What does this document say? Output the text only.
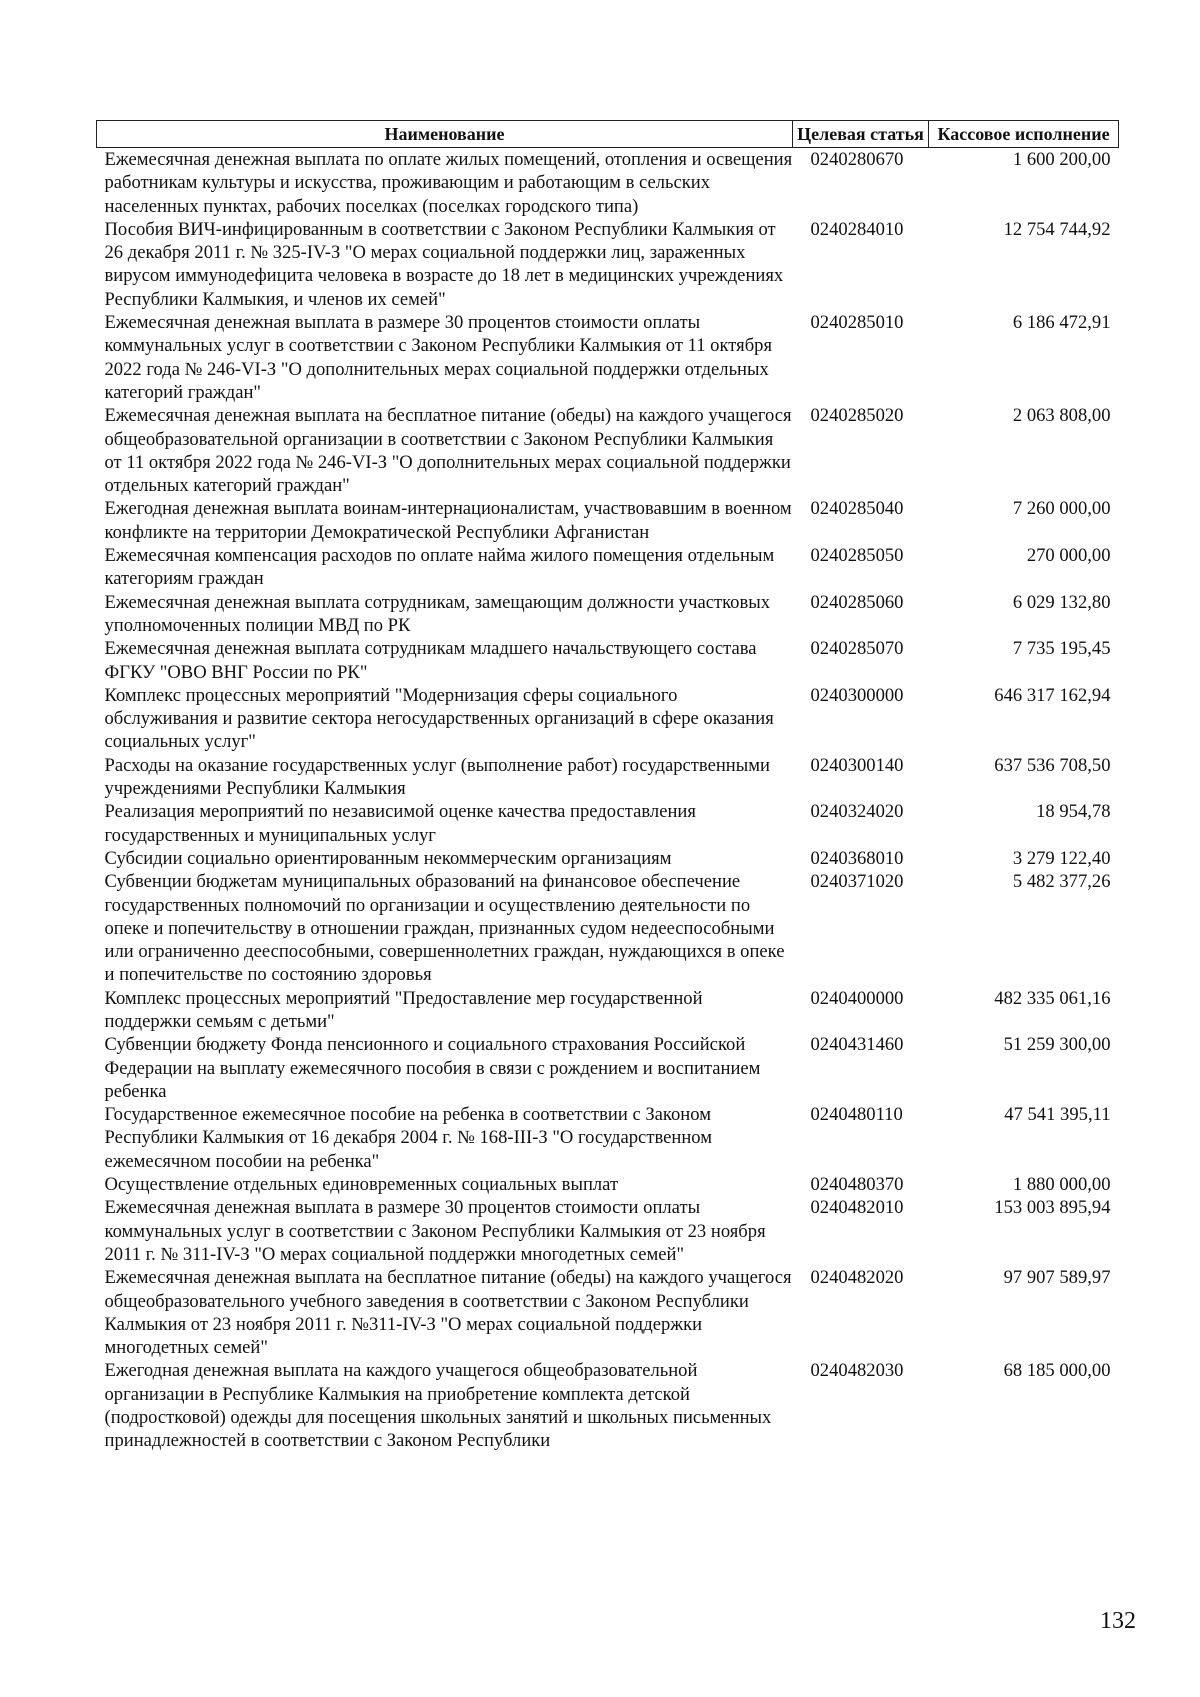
Наименование	Целевая статья	Кассовое исполнение
Ежемесячная денежная выплата по оплате жилых помещений, отопления и освещения работникам культуры и искусства, проживающим и работающим в сельских населенных пунктах, рабочих поселках (поселках городского типа)	0240280670	1 600 200,00
Пособия ВИЧ-инфицированным в соответствии с Законом Республики Калмыкия от 26 декабря 2011 г. № 325-IV-З "О мерах социальной поддержки лиц, зараженных вирусом иммунодефицита человека в возрасте до 18 лет в медицинских учреждениях Республики Калмыкия, и членов их семей"	0240284010	12 754 744,92
Ежемесячная денежная выплата в размере 30 процентов стоимости оплаты коммунальных услуг в соответствии с Законом Республики Калмыкия от 11 октября 2022 года № 246-VI-З "О дополнительных мерах социальной поддержки отдельных категорий граждан"	0240285010	6 186 472,91
Ежемесячная денежная выплата на бесплатное питание (обеды) на каждого учащегося общеобразовательной организации в соответствии с Законом Республики Калмыкия от 11 октября 2022 года № 246-VI-З "О дополнительных мерах социальной поддержки отдельных категорий граждан"	0240285020	2 063 808,00
Ежегодная денежная выплата воинам-интернационалистам, участвовавшим в военном конфликте на территории Демократической Республики Афганистан	0240285040	7 260 000,00
Ежемесячная компенсация расходов по оплате найма жилого помещения отдельным категориям граждан	0240285050	270 000,00
Ежемесячная денежная выплата сотрудникам, замещающим должности участковых уполномоченных полиции МВД по РК	0240285060	6 029 132,80
Ежемесячная денежная выплата сотрудникам младшего начальствующего состава ФГКУ "ОВО ВНГ России по РК"	0240285070	7 735 195,45
Комплекс процессных мероприятий "Модернизация сферы социального обслуживания и развитие сектора негосударственных организаций в сфере оказания социальных услуг"	0240300000	646 317 162,94
Расходы на оказание государственных услуг (выполнение работ) государственными учреждениями Республики Калмыкия	0240300140	637 536 708,50
Реализация мероприятий по независимой оценке качества предоставления государственных и муниципальных услуг	0240324020	18 954,78
Субсидии социально ориентированным некоммерческим организациям	0240368010	3 279 122,40
Субвенции бюджетам муниципальных образований на финансовое обеспечение государственных полномочий по организации и осуществлению деятельности по опеке и попечительству в отношении граждан, признанных судом недееспособными или ограниченно дееспособными, совершеннолетних граждан, нуждающихся в опеке и попечительстве по состоянию здоровья	0240371020	5 482 377,26
Комплекс процессных мероприятий "Предоставление мер государственной поддержки семьям с детьми"	0240400000	482 335 061,16
Субвенции бюджету Фонда пенсионного и социального страхования Российской Федерации на выплату ежемесячного пособия в связи с рождением и воспитанием ребенка	0240431460	51 259 300,00
Государственное ежемесячное пособие на ребенка в соответствии с Законом Республики Калмыкия от 16 декабря 2004 г. № 168-III-З "О государственном ежемесячном пособии на ребенка"	0240480110	47 541 395,11
Осуществление отдельных единовременных социальных выплат	0240480370	1 880 000,00
Ежемесячная денежная выплата в размере 30 процентов стоимости оплаты коммунальных услуг в соответствии с Законом Республики Калмыкия от 23 ноября 2011 г. № 311-IV-З "О мерах социальной поддержки многодетных семей"	0240482010	153 003 895,94
Ежемесячная денежная выплата на бесплатное питание (обеды) на каждого учащегося общеобразовательного учебного заведения в соответствии с Законом Республики Калмыкия от 23 ноября 2011 г. №311-IV-З "О мерах социальной поддержки многодетных семей"	0240482020	97 907 589,97
Ежегодная денежная выплата на каждого учащегося общеобразовательной организации в Республике Калмыкия на приобретение комплекта детской (подростковой) одежды для посещения школьных занятий и школьных письменных принадлежностей в соответствии с Законом Республики	0240482030	68 185 000,00
132
